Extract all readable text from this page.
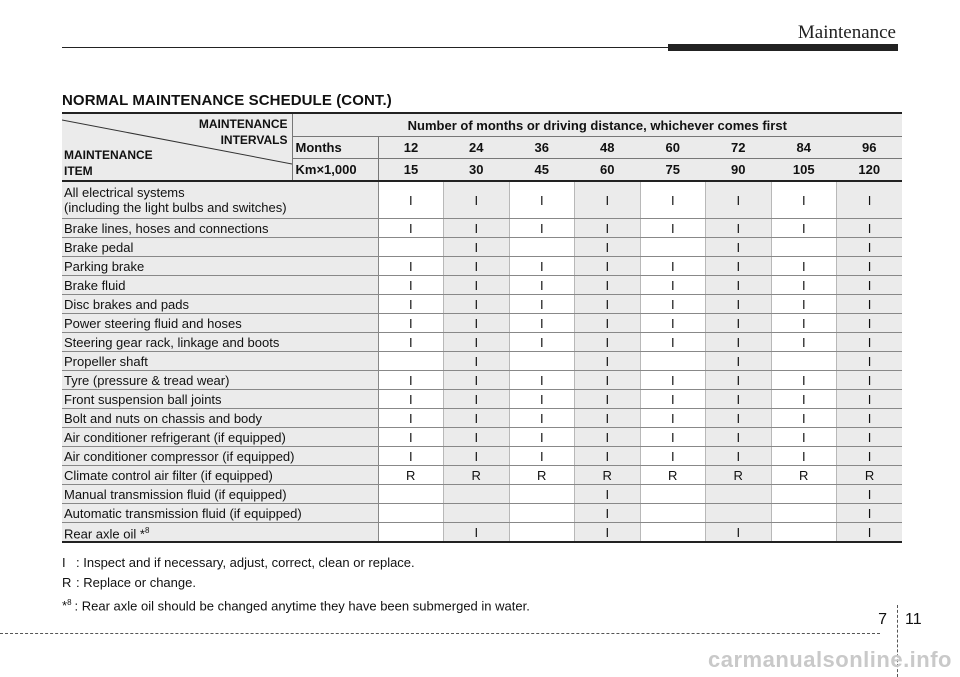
Maintenance
NORMAL MAINTENANCE SCHEDULE (CONT.)
MAINTENANCE
INTERVALS
MAINTENANCE
ITEM	Number of months or driving distance, whichever comes first								
	Months	12	24	36	48	60	72	84	96
	Km×1,000	15	30	45	60	75	90	105	120
All electrical systems
(including the light bulbs and switches)		I	I	I	I	I	I	I	I
Brake lines, hoses and connections		I	I	I	I	I	I	I	I
Brake pedal			I		I		I		I
Parking brake		I	I	I	I	I	I	I	I
Brake fluid		I	I	I	I	I	I	I	I
Disc brakes and pads		I	I	I	I	I	I	I	I
Power steering fluid and hoses		I	I	I	I	I	I	I	I
Steering gear rack, linkage and boots		I	I	I	I	I	I	I	I
Propeller shaft			I		I		I		I
Tyre (pressure & tread wear)		I	I	I	I	I	I	I	I
Front suspension ball joints		I	I	I	I	I	I	I	I
Bolt and nuts on chassis and body		I	I	I	I	I	I	I	I
Air conditioner refrigerant (if equipped)		I	I	I	I	I	I	I	I
Air conditioner compressor (if equipped)		I	I	I	I	I	I	I	I
Climate control air filter (if equipped)		R	R	R	R	R	R	R	R
Manual transmission fluid (if equipped)					I				I
Automatic transmission fluid (if equipped)					I				I
Rear axle oil *$^8$			I		I		I		I
I : Inspect and if necessary, adjust, correct, clean or replace.
R : Replace or change.
*$^8$ : Rear axle oil should be changed anytime they have been submerged in water.
7 11
carmanualsonline.info
